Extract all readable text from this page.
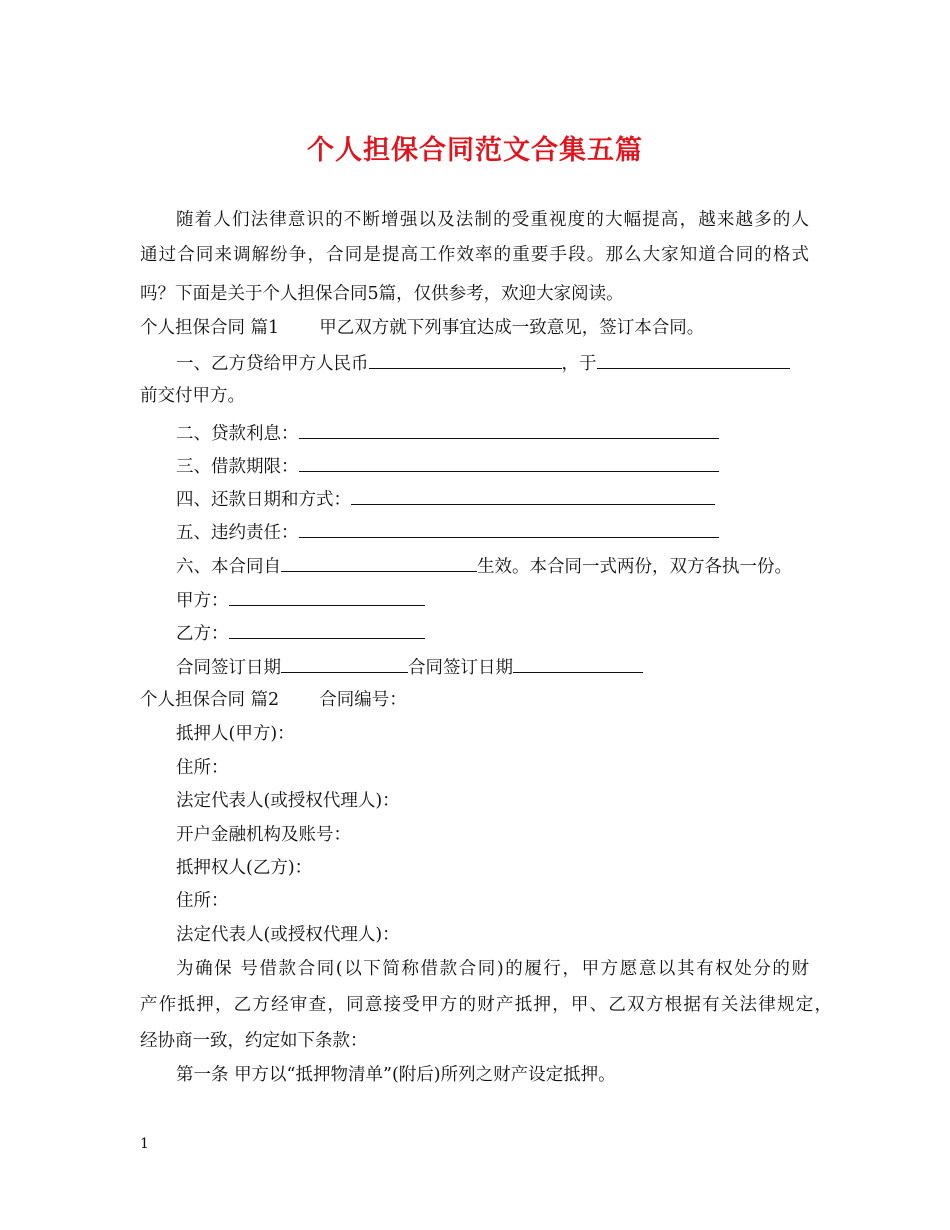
个人担保合同范文合集五篇
随着人们法律意识的不断增强以及法制的受重视度的大幅提高，越来越多的人
通过合同来调解纷争，合同是提高工作效率的重要手段。那么大家知道合同的格式
吗？下面是关于个人担保合同5篇，仅供参考，欢迎大家阅读。
个人担保合同 篇1 甲乙双方就下列事宜达成一致意见，签订本合同。
一、乙方贷给甲方人民币	，于
前交付甲方。
二、贷款利息：
三、借款期限：
四、还款日期和方式：
五、违约责任：
六、本合同自	生效。本合同一式两份，双方各执一份。
甲方：
乙方：
合同签订日期	合同签订日期
个人担保合同 篇2 合同编号：
抵押人(甲方)：
住所：
法定代表人(或授权代理人)：
开户金融机构及账号：
抵押权人(乙方)：
住所：
法定代表人(或授权代理人)：
为确保 号借款合同(以下简称借款合同)的履行，甲方愿意以其有权处分的财
产作抵押，乙方经审查，同意接受甲方的财产抵押，甲、乙双方根据有关法律规定，
经协商一致，约定如下条款：
第一条 甲方以“抵押物清单”(附后)所列之财产设定抵押。
1
